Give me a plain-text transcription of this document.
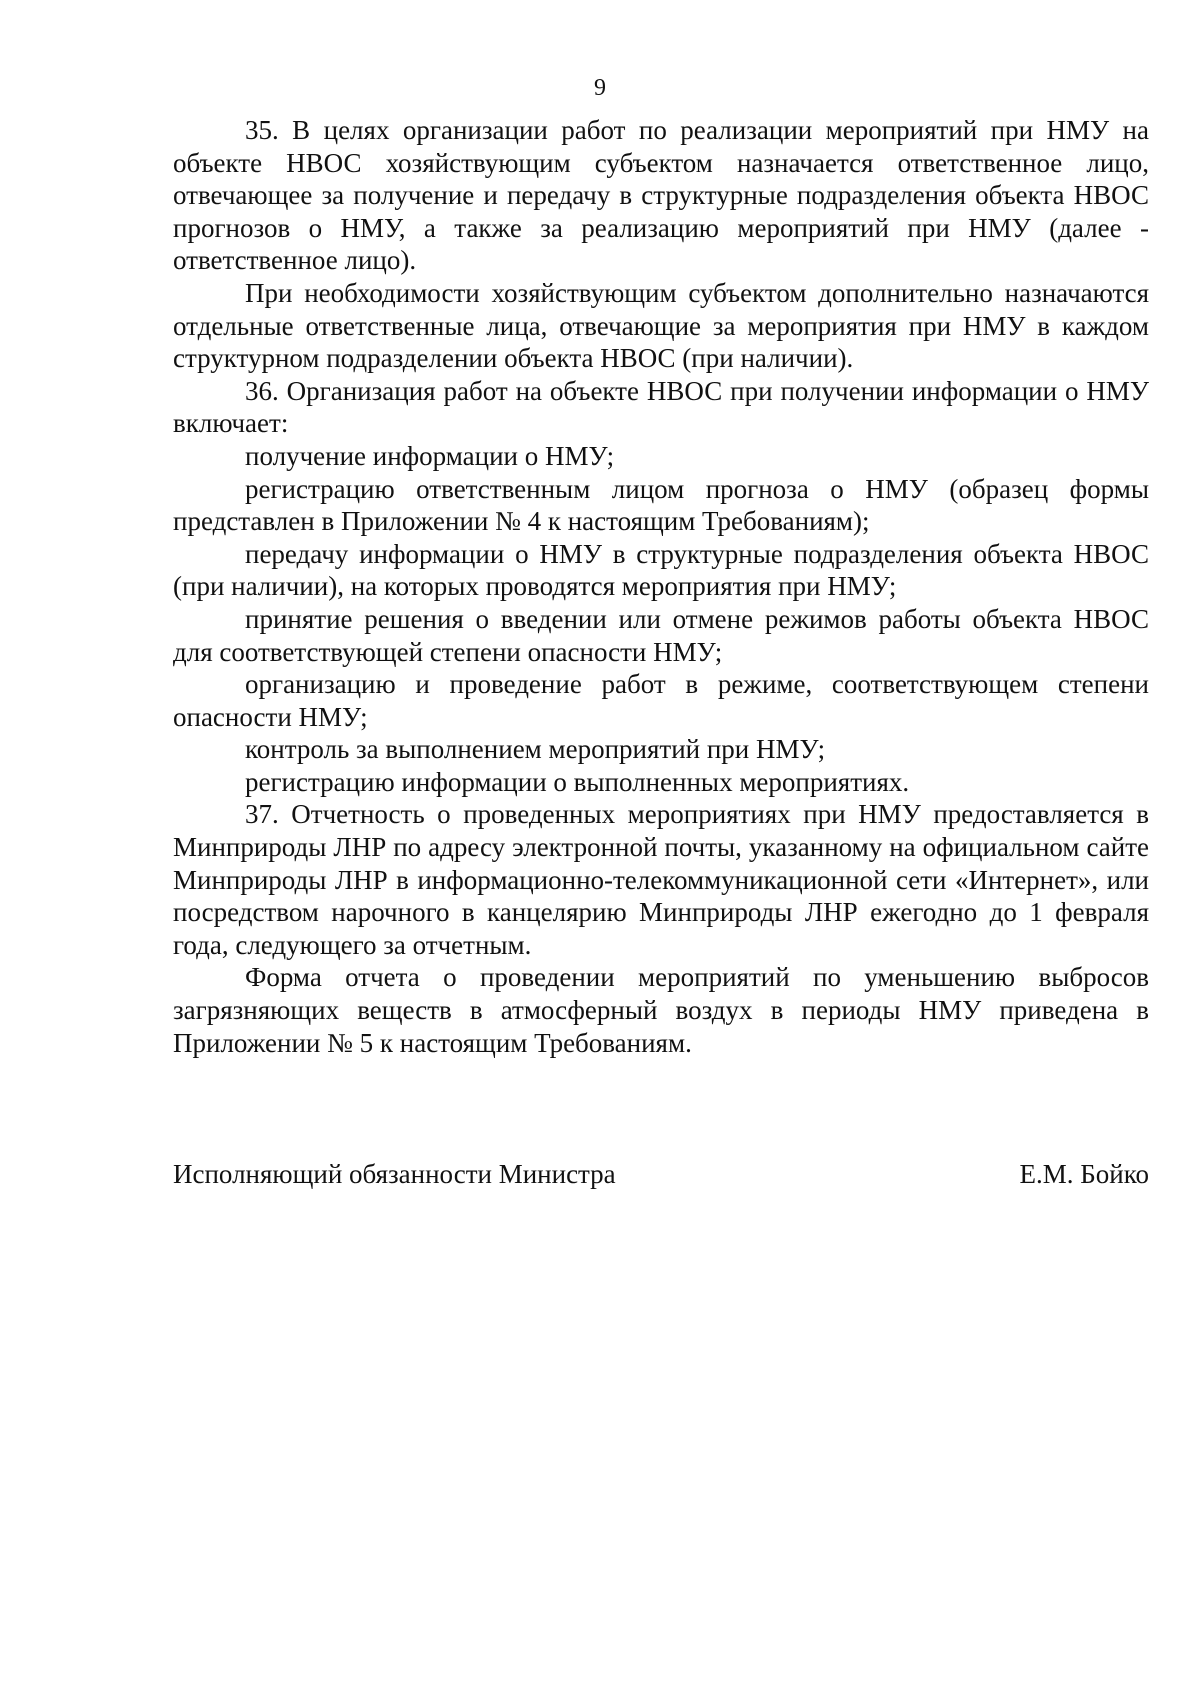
9

35. В целях организации работ по реализации мероприятий при НМУ на объекте НВОС хозяйствующим субъектом назначается ответственное лицо, отвечающее за получение и передачу в структурные подразделения объекта НВОС прогнозов о НМУ, а также за реализацию мероприятий при НМУ (далее - ответственное лицо).

При необходимости хозяйствующим субъектом дополнительно назначаются отдельные ответственные лица, отвечающие за мероприятия при НМУ в каждом структурном подразделении объекта НВОС (при наличии).

36. Организация работ на объекте НВОС при получении информации о НМУ включает:

получение информации о НМУ;

регистрацию ответственным лицом прогноза о НМУ (образец формы представлен в Приложении № 4 к настоящим Требованиям);

передачу информации о НМУ в структурные подразделения объекта НВОС (при наличии), на которых проводятся мероприятия при НМУ;

принятие решения о введении или отмене режимов работы объекта НВОС для соответствующей степени опасности НМУ;

организацию и проведение работ в режиме, соответствующем степени опасности НМУ;

контроль за выполнением мероприятий при НМУ;

регистрацию информации о выполненных мероприятиях.

37. Отчетность о проведенных мероприятиях при НМУ предоставляется в Минприроды ЛНР по адресу электронной почты, указанному на официальном сайте Минприроды ЛНР в информационно-телекоммуникационной сети «Интернет», или посредством нарочного в канцелярию Минприроды ЛНР ежегодно до 1 февраля года, следующего за отчетным.

Форма отчета о проведении мероприятий по уменьшению выбросов загрязняющих веществ в атмосферный воздух в периоды НМУ приведена в Приложении № 5 к настоящим Требованиям.

Исполняющий обязанности Министра	Е.М. Бойко
